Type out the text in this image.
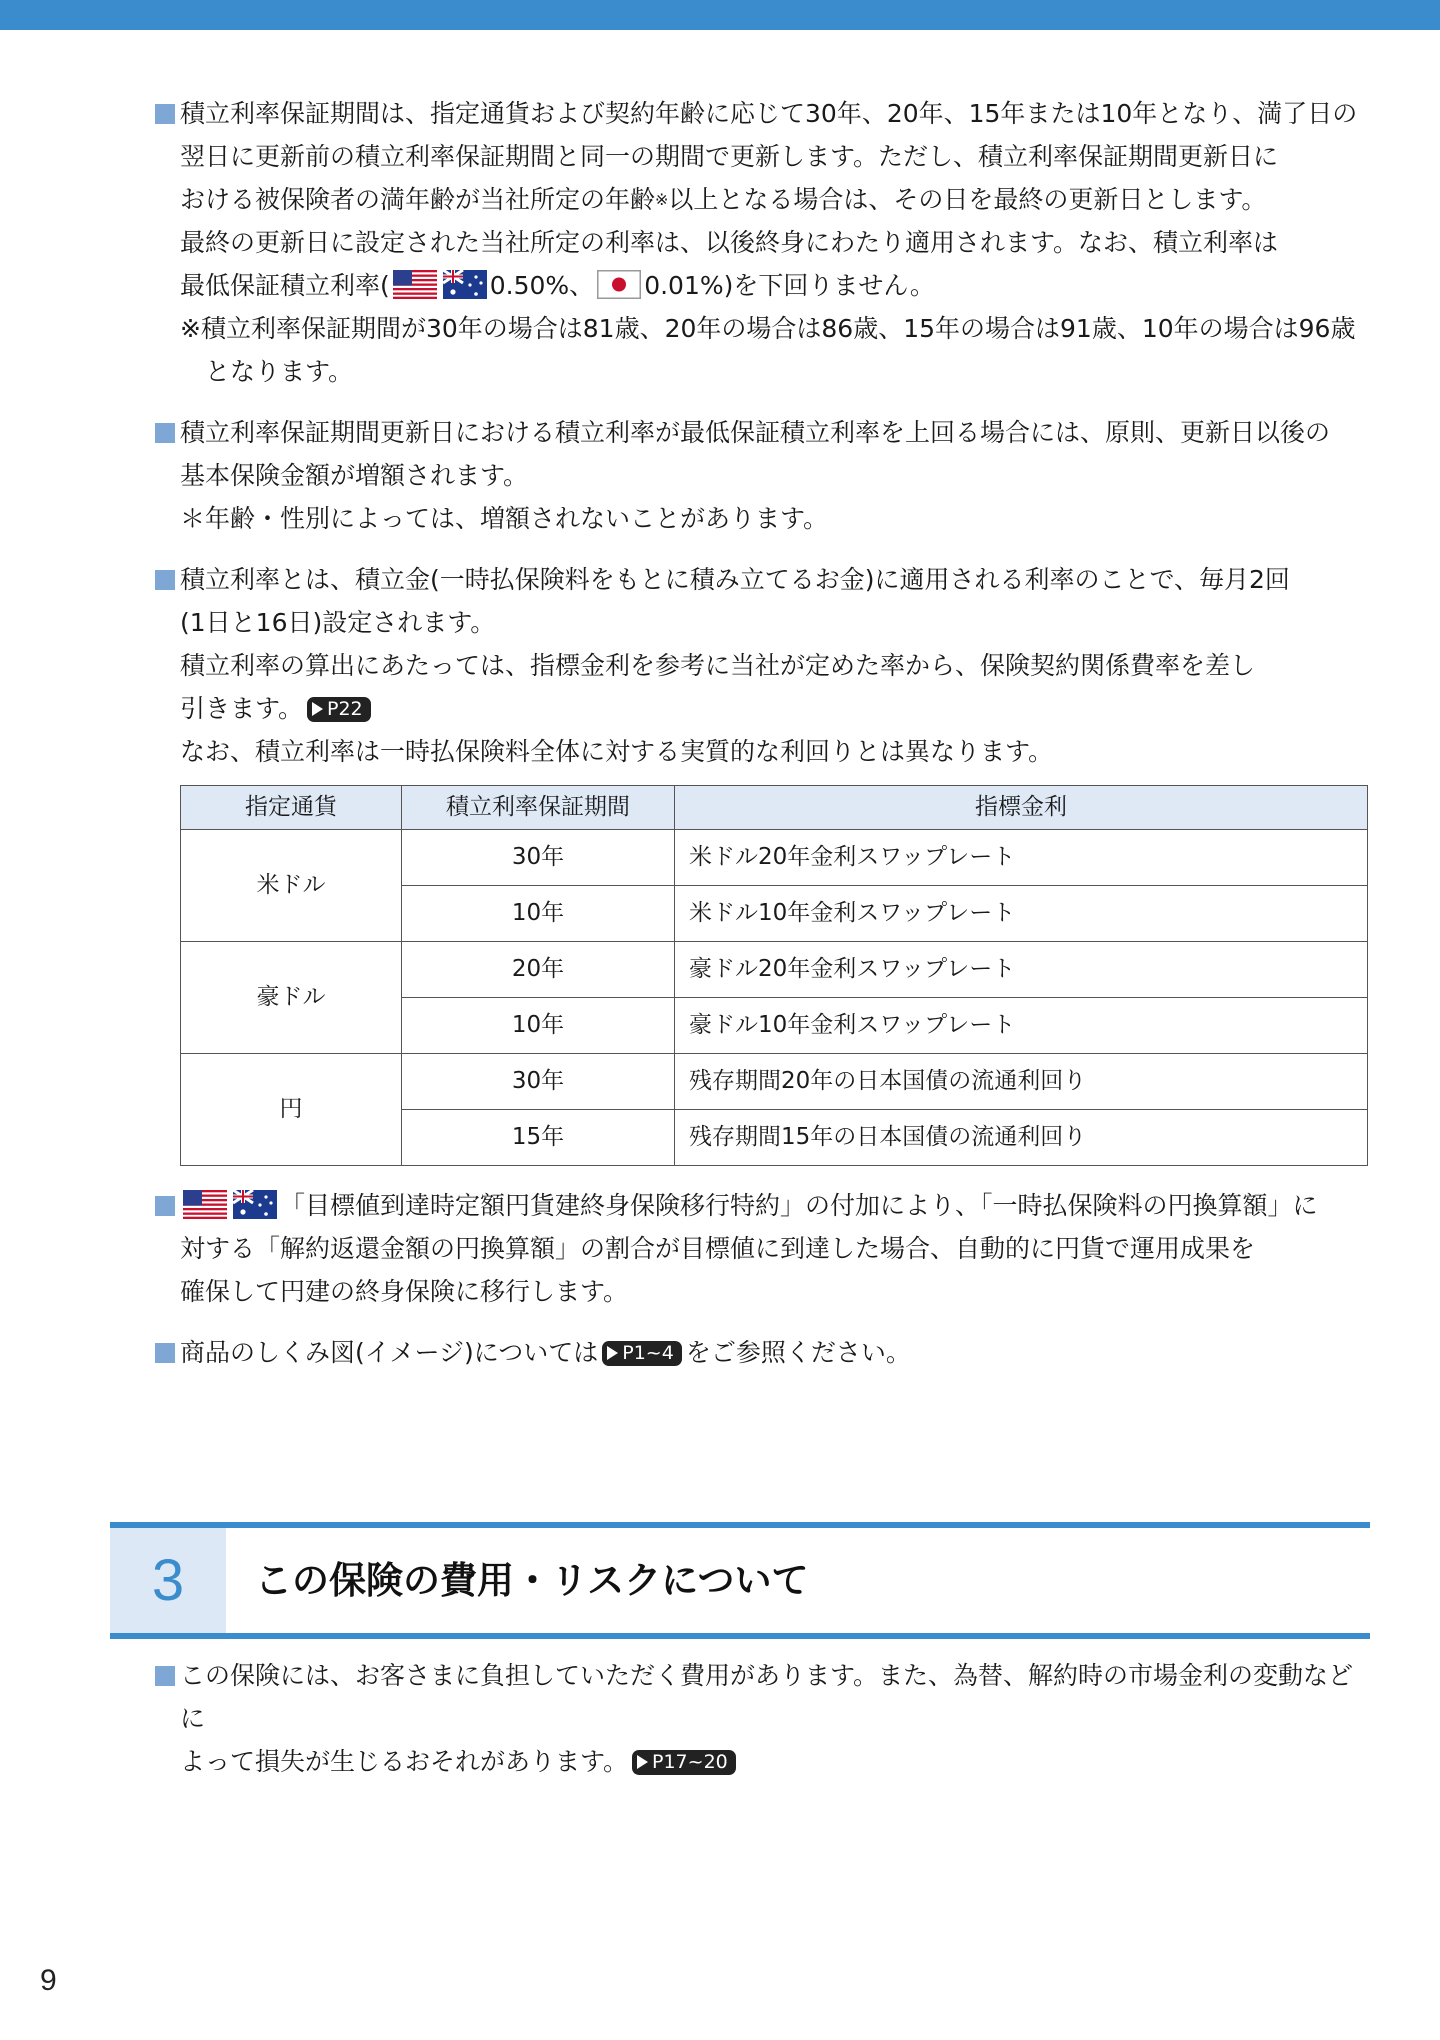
積立利率保証期間は、指定通貨および契約年齢に応じて30年、20年、15年または10年となり、満了日の
翌日に更新前の積立利率保証期間と同一の期間で更新します。ただし、積立利率保証期間更新日に
おける被保険者の満年齢が当社所定の年齢※以上となる場合は、その日を最終の更新日とします。
最終の更新日に設定された当社所定の利率は、以後終身にわたり適用されます。なお、積立利率は
最低保証積立利率(	0.50%、 0.01%)を下回りません。
※積立利率保証期間が30年の場合は81歳、20年の場合は86歳、15年の場合は91歳、10年の場合は96歳となります。
積立利率保証期間更新日における積立利率が最低保証積立利率を上回る場合には、原則、更新日以後の
基本保険金額が増額されます。
＊年齢・性別によっては、増額されないことがあります。
積立利率とは、積立金(一時払保険料をもとに積み立てるお金)に適用される利率のことで、毎月2回
(1日と16日)設定されます。
積立利率の算出にあたっては、指標金利を参考に当社が定めた率から、保険契約関係費率を差し
引きます。 P22
なお、積立利率は一時払保険料全体に対する実質的な利回りとは異なります。
指定通貨	積立利率保証期間	指標金利
米ドル	30年	米ドル20年金利スワップレート
	10年	米ドル10年金利スワップレート
豪ドル	20年	豪ドル20年金利スワップレート
	10年	豪ドル10年金利スワップレート
円	30年	残存期間20年の日本国債の流通利回り
	15年	残存期間15年の日本国債の流通利回り
「目標値到達時定額円貨建終身保険移行特約」の付加により、「一時払保険料の円換算額」に
対する「解約返還金額の円換算額」の割合が目標値に到達した場合、自動的に円貨で運用成果を
確保して円建の終身保険に移行します。
商品のしくみ図(イメージ)については P1~4 をご参照ください。
3	この保険の費用・リスクについて
この保険には、お客さまに負担していただく費用があります。また、為替、解約時の市場金利の変動などに
よって損失が生じるおそれがあります。 P17~20
9
